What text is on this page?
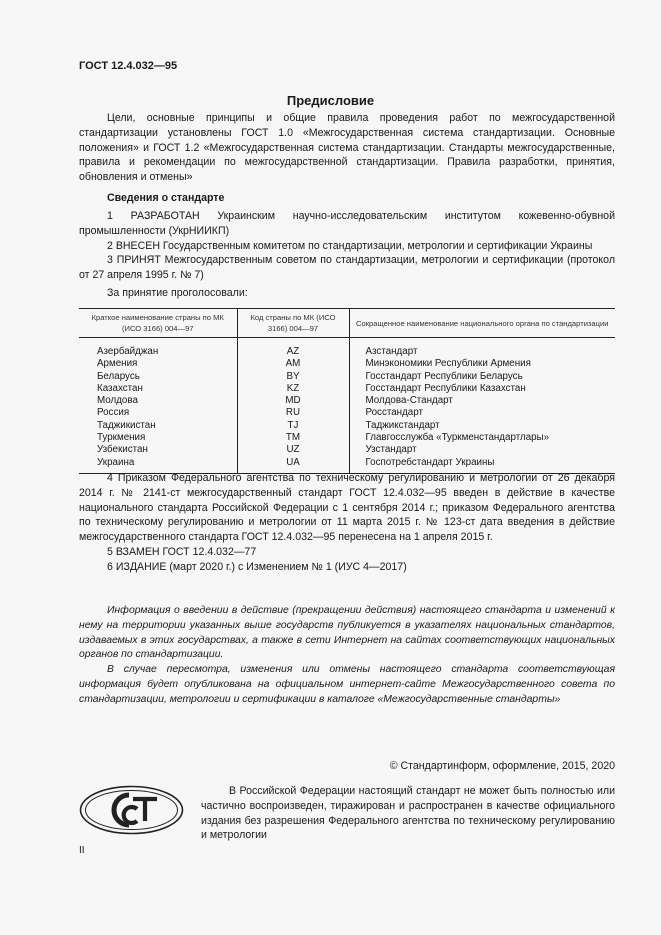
ГОСТ 12.4.032—95
Предисловие

Цели, основные принципы и общие правила проведения работ по межгосударственной стандартизации установлены ГОСТ 1.0 «Межгосударственная система стандартизации. Основные положения» и ГОСТ 1.2 «Межгосударственная система стандартизации. Стандарты межгосударственные, правила и рекомендации по межгосударственной стандартизации. Правила разработки, принятия, обновления и отмены»

Сведения о стандарте

1 РАЗРАБОТАН Украинским научно-исследовательским институтом кожевенно-обувной промышленности (УкрНИИКП)

2 ВНЕСЕН Государственным комитетом по стандартизации, метрологии и сертификации Украины

3 ПРИНЯТ Межгосударственным советом по стандартизации, метрологии и сертификации (протокол от 27 апреля 1995 г. № 7)

За принятие проголосовали:
Краткое наименование страны по МК (ИСО 3166) 004—97	Код страны по МК (ИСО 3166) 004—97	Сокращенное наименование национального органа по стандартизации
Азербайджан	AZ	Азстандарт
Армения	AM	Минэкономики Республики Армения
Беларусь	BY	Госстандарт Республики Беларусь
Казахстан	KZ	Госстандарт Республики Казахстан
Молдова	MD	Молдова-Стандарт
Россия	RU	Росстандарт
Таджикистан	TJ	Таджикстандарт
Туркмения	TM	Главгосслужба «Туркменстандартлары»
Узбекистан	UZ	Узстандарт
Украина	UA	Госпотребстандарт Украины

4 Приказом Федерального агентства по техническому регулированию и метрологии от 26 декабря 2014 г. № 2141-ст межгосударственный стандарт ГОСТ 12.4.032—95 введен в действие в качестве национального стандарта Российской Федерации с 1 сентября 2014 г.; приказом Федерального агентства по техническому регулированию и метрологии от 11 марта 2015 г. № 123-ст дата введения в действие межгосударственного стандарта ГОСТ 12.4.032—95 перенесена на 1 апреля 2015 г.

5 ВЗАМЕН ГОСТ 12.4.032—77

6 ИЗДАНИЕ (март 2020 г.) с Изменением № 1 (ИУС 4—2017)

Информация о введении в действие (прекращении действия) настоящего стандарта и изменений к нему на территории указанных выше государств публикуется в указателях национальных стандартов, издаваемых в этих государствах, а также в сети Интернет на сайтах соответствующих национальных органов по стандартизации.

В случае пересмотра, изменения или отмены настоящего стандарта соответствующая информация будет опубликована на официальном интернет-сайте Межгосударственного совета по стандартизации, метрологии и сертификации в каталоге «Межгосударственные стандарты»

© Стандартинформ, оформление, 2015, 2020

В Российской Федерации настоящий стандарт не может быть полностью или частично воспроизведен, тиражирован и распространен в качестве официального издания без разрешения Федерального агентства по техническому регулированию и метрологии

II
